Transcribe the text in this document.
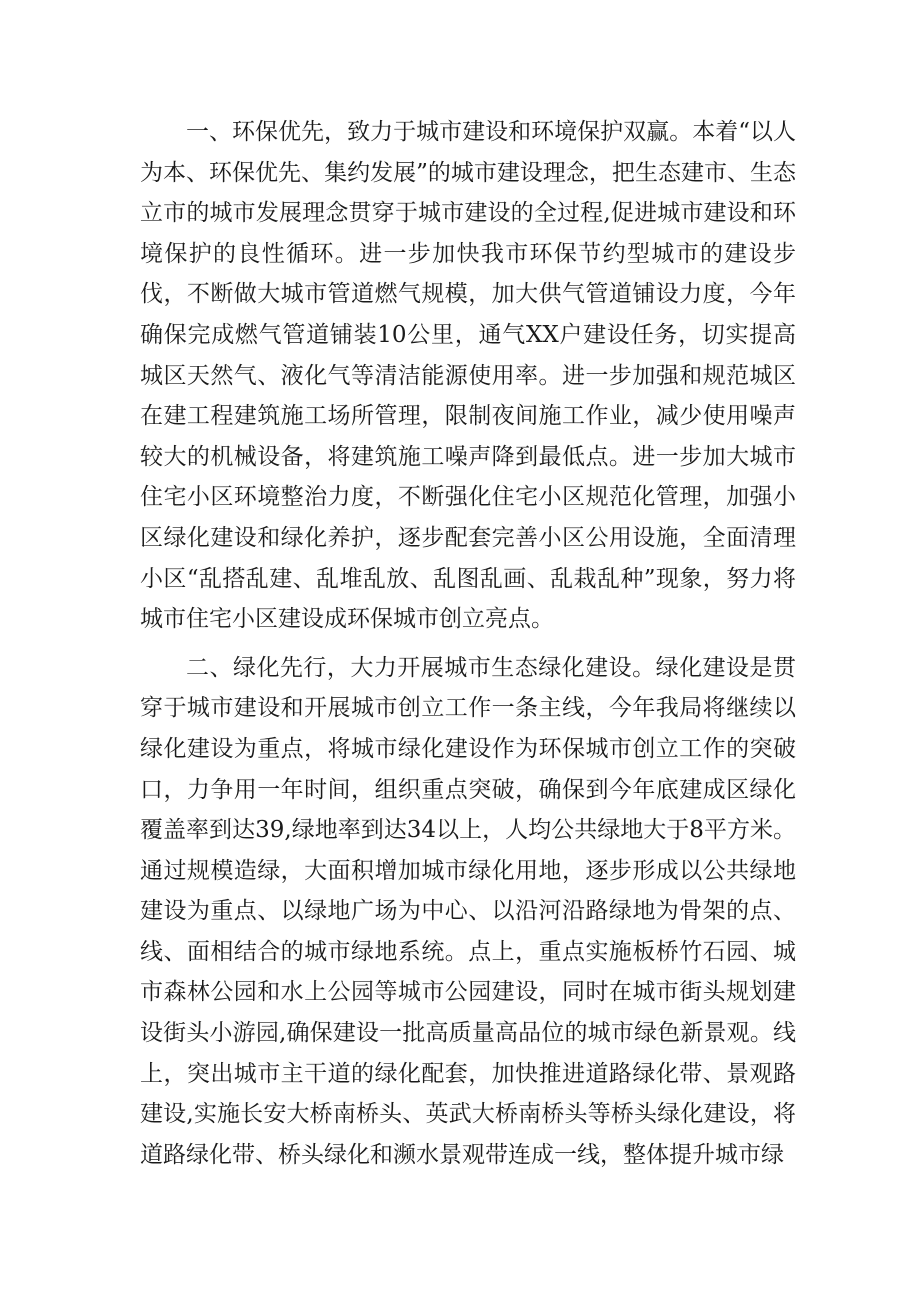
一、环保优先，致力于城市建设和环境保护双赢。本着“以人为本、环保优先、集约发展”的城市建设理念，把生态建市、生态立市的城市发展理念贯穿于城市建设的全过程,促进城市建设和环境保护的良性循环。进一步加快我市环保节约型城市的建设步伐，不断做大城市管道燃气规模，加大供气管道铺设力度，今年确保完成燃气管道铺装10公里，通气XX户建设任务，切实提高城区天然气、液化气等清洁能源使用率。进一步加强和规范城区在建工程建筑施工场所管理，限制夜间施工作业，减少使用噪声较大的机械设备，将建筑施工噪声降到最低点。进一步加大城市住宅小区环境整治力度，不断强化住宅小区规范化管理，加强小区绿化建设和绿化养护，逐步配套完善小区公用设施，全面清理小区“乱搭乱建、乱堆乱放、乱图乱画、乱栽乱种”现象，努力将城市住宅小区建设成环保城市创立亮点。

二、绿化先行，大力开展城市生态绿化建设。绿化建设是贯穿于城市建设和开展城市创立工作一条主线，今年我局将继续以绿化建设为重点，将城市绿化建设作为环保城市创立工作的突破口，力争用一年时间，组织重点突破，确保到今年底建成区绿化覆盖率到达39,绿地率到达34以上，人均公共绿地大于8平方米。通过规模造绿，大面积增加城市绿化用地，逐步形成以公共绿地建设为重点、以绿地广场为中心、以沿河沿路绿地为骨架的点、线、面相结合的城市绿地系统。点上，重点实施板桥竹石园、城市森林公园和水上公园等城市公园建设，同时在城市街头规划建设街头小游园,确保建设一批高质量高品位的城市绿色新景观。线上，突出城市主干道的绿化配套，加快推进道路绿化带、景观路建设,实施长安大桥南桥头、英武大桥南桥头等桥头绿化建设，将道路绿化带、桥头绿化和濒水景观带连成一线，整体提升城市绿
